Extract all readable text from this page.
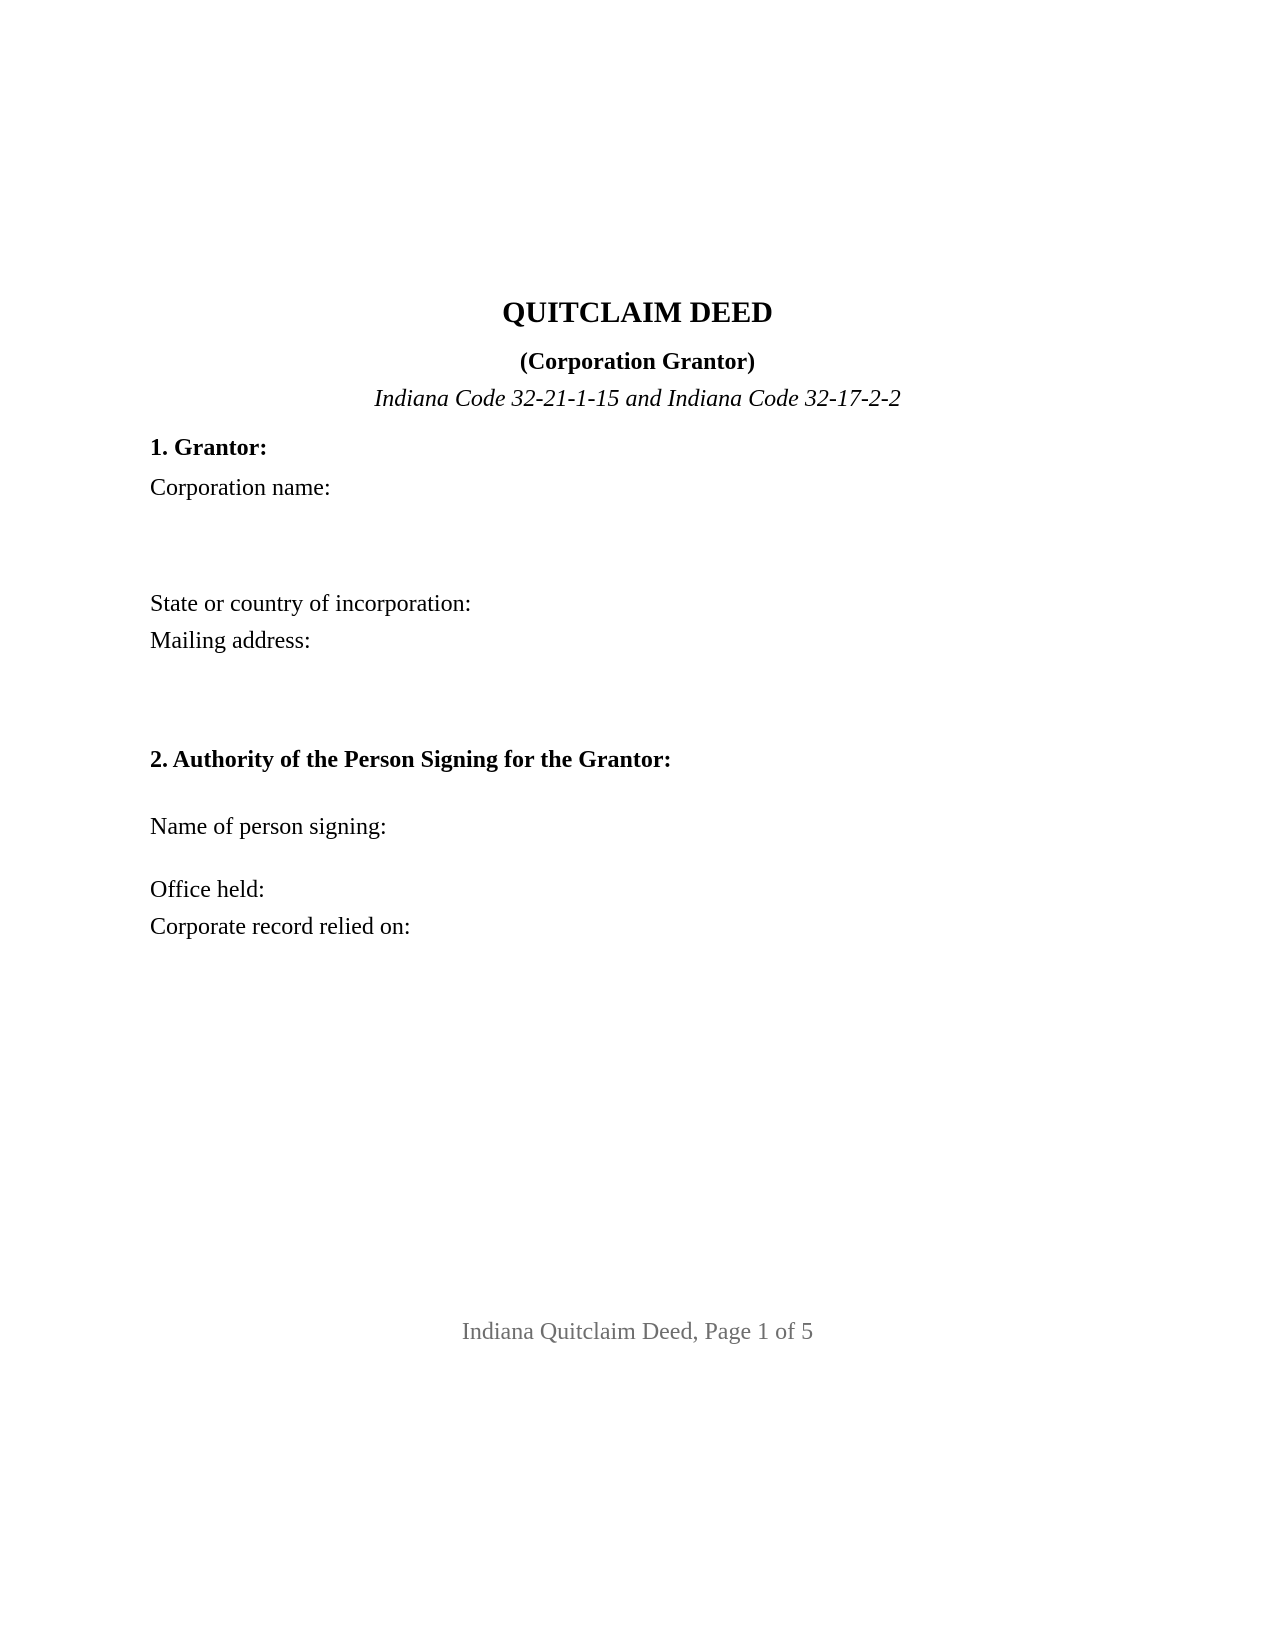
QUITCLAIM DEED
(Corporation Grantor)
Indiana Code 32-21-1-15 and Indiana Code 32-17-2-2
1. Grantor:
Corporation name:
State or country of incorporation:
Mailing address:
2. Authority of the Person Signing for the Grantor:
Name of person signing:
Office held:
Corporate record relied on:
Indiana Quitclaim Deed, Page 1 of 5
